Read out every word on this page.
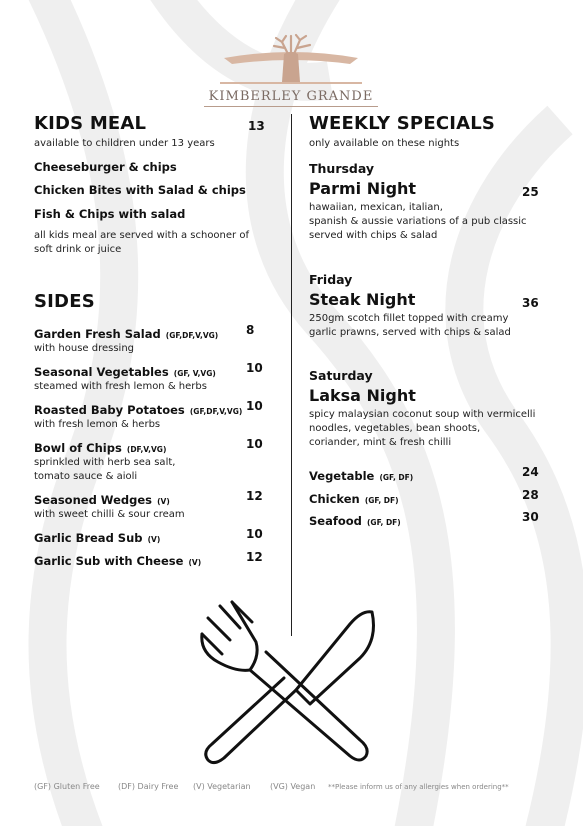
KIMBERLEY GRANDE
KIDS MEAL	13
available to children under 13 years
Cheeseburger & chips
Chicken Bites with Salad & chips
Fish & Chips with salad
all kids meal are served with a schooner of
soft drink or juice
SIDES
Garden Fresh Salad (GF,DF,V,VG) 8
with house dressing
Seasonal Vegetables (GF, V,VG)	10
steamed with fresh lemon & herbs
Roasted Baby Potatoes (GF,DF,V,VG) 10
with fresh lemon & herbs
Bowl of Chips (DF,V,VG)	10
sprinkled with herb sea salt,
tomato sauce & aioli
Seasoned Wedges (V)	12
with sweet chilli & sour cream
Garlic Bread Sub (V)	10
Garlic Sub with Cheese (V)	12
WEEKLY SPECIALS
only available on these nights
Thursday
Parmi Night	25
hawaiian, mexican, italian,
spanish & aussie variations of a pub classic
served with chips & salad
Friday
Steak Night	36
250gm scotch fillet topped with creamy
garlic prawns, served with chips & salad
Saturday
Laksa Night
spicy malaysian coconut soup with vermicelli
noodles, vegetables, bean shoots,
coriander, mint & fresh chilli
Vegetable (GF, DF)	24
Chicken (GF, DF)	28
Seafood (GF, DF)	30
(GF) Gluten Free (DF) Dairy Free (V) Vegetarian (VG) Vegan **Please inform us of any allergies when ordering**
